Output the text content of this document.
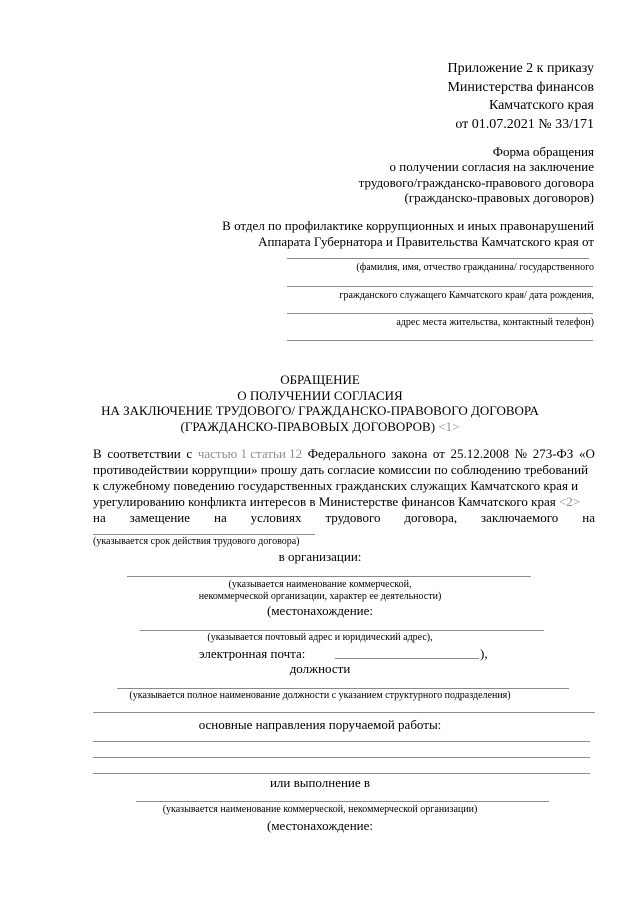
Приложение 2 к приказу
Министерства финансов
Камчатского края
от 01.07.2021 № 33/171
Форма обращения
о получении согласия на заключение
трудового/гражданско-правового договора
(гражданско-правовых договоров)
В отдел по профилактике коррупционных и иных правонарушений
Аппарата Губернатора и Правительства Камчатского края от
(фамилия, имя, отчество гражданина/ государственного
гражданского служащего Камчатского края/ дата рождения,
адрес места жительства, контактный телефон)
ОБРАЩЕНИЕ
О ПОЛУЧЕНИИ СОГЛАСИЯ
НА ЗАКЛЮЧЕНИЕ ТРУДОВОГО/ ГРАЖДАНСКО-ПРАВОВОГО ДОГОВОРА
(ГРАЖДАНСКО-ПРАВОВЫХ ДОГОВОРОВ) <1>
В соответствии с частью 1 статьи 12 Федерального закона от 25.12.2008 № 273-ФЗ «О
противодействии коррупции» прошу дать согласие комиссии по соблюдению требований
к служебному поведению государственных гражданских служащих Камчатского края и
урегулированию конфликта интересов в Министерстве финансов Камчатского края <2>
на замещение на условиях трудового договора, заключаемого на
(указывается срок действия трудового договора)
в организации:
(указывается наименование коммерческой,
некоммерческой организации, характер ее деятельности)
(местонахождение:
(указывается почтовый адрес и юридический адрес),
электронная почта:	),
должности
(указывается полное наименование должности с указанием структурного подразделения)
основные направления поручаемой работы:
или выполнение в
(указывается наименование коммерческой, некоммерческой организации)
(местонахождение:
